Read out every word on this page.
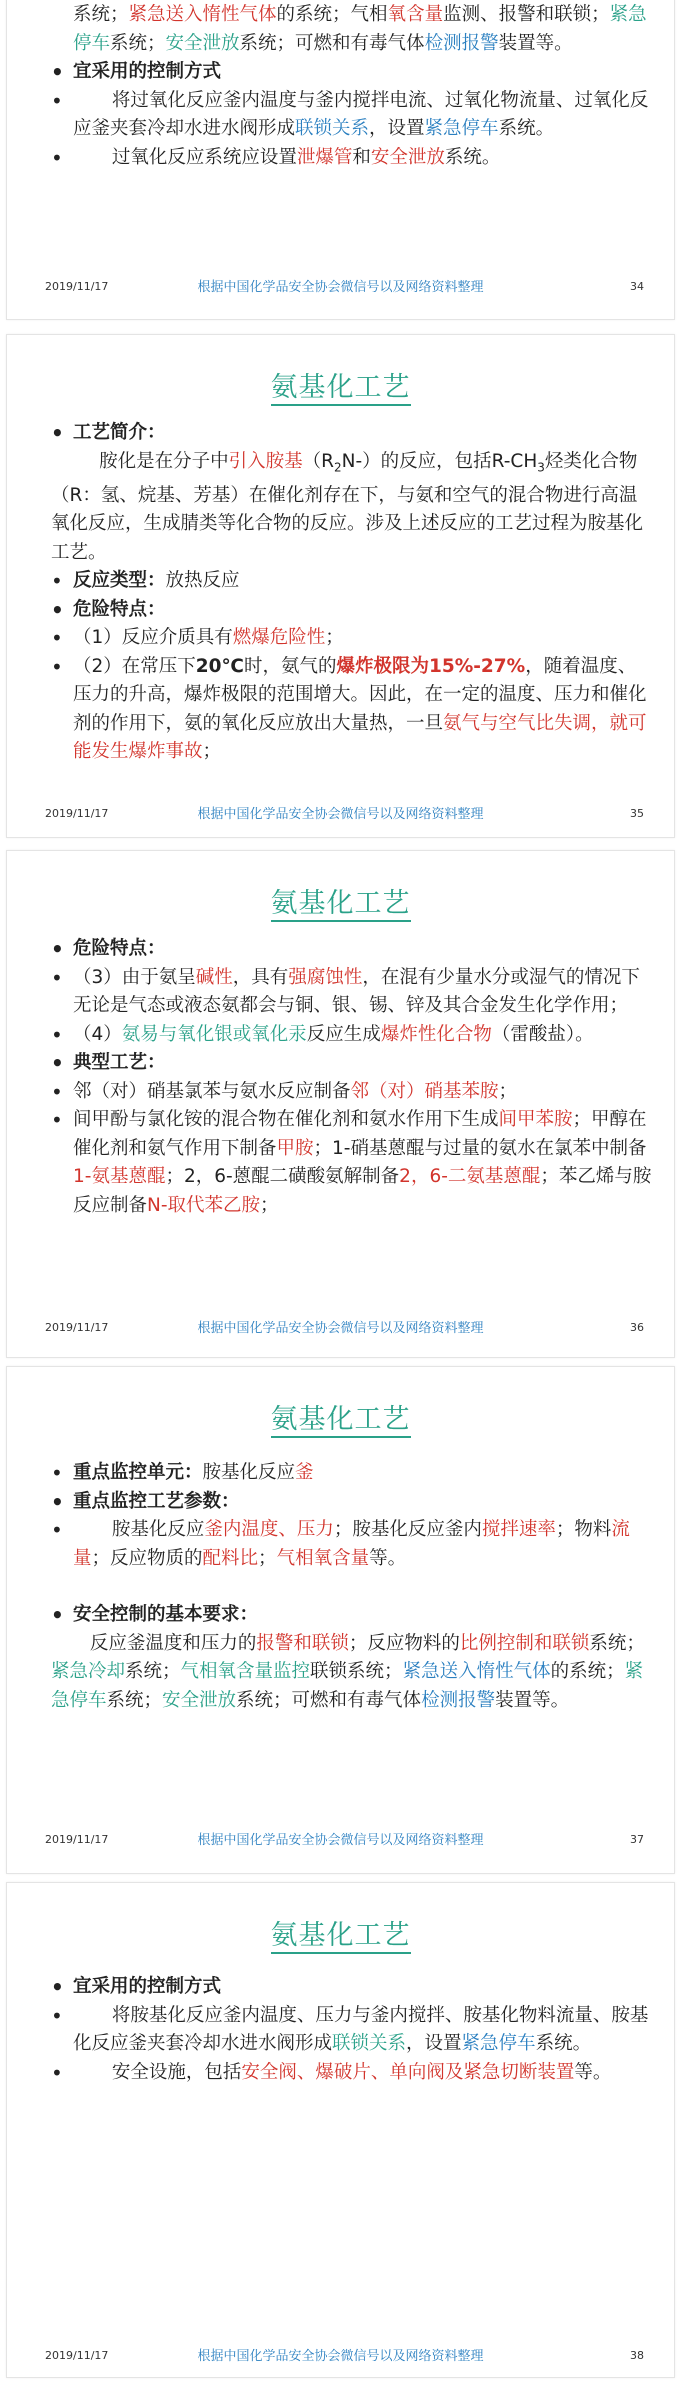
系统；紧急送入惰性气体的系统；气相氧含量监测、报警和联锁；紧急停车系统；安全泄放系统；可燃和有毒气体检测报警装置等。
• 宜采用的控制方式
•	将过氧化反应釜内温度与釜内搅拌电流、过氧化物流量、过氧化反应釜夹套冷却水进水阀形成联锁关系，设置紧急停车系统。
•	过氧化反应系统应设置泄爆管和安全泄放系统。
2019/11/17	根据中国化学品安全协会微信号以及网络资料整理	34
氨基化工艺
• 工艺简介：
胺化是在分子中引入胺基$(R_2N-)$的反应，包括$R-CH_3$烃类化合物（R：氢、烷基、芳基）在催化剂存在下，与氨和空气的混合物进行高温氧化反应，生成腈类等化合物的反应。涉及上述反应的工艺过程为胺基化工艺。
• 反应类型：放热反应
• 危险特点：
• （1）反应介质具有燃爆危险性；
• （2）在常压下20℃时，氨气的爆炸极限为15%-27%，随着温度、压力的升高，爆炸极限的范围增大。因此，在一定的温度、压力和催化剂的作用下，氨的氧化反应放出大量热，一旦氨气与空气比失调，就可能发生爆炸事故；
2019/11/17	根据中国化学品安全协会微信号以及网络资料整理	35
氨基化工艺
• 危险特点：
• （3）由于氨呈碱性，具有强腐蚀性，在混有少量水分或湿气的情况下无论是气态或液态氨都会与铜、银、锡、锌及其合金发生化学作用；
• （4）氨易与氧化银或氧化汞反应生成爆炸性化合物（雷酸盐）。
• 典型工艺：
• 邻（对）硝基氯苯与氨水反应制备邻（对）硝基苯胺；
• 间甲酚与氯化铵的混合物在催化剂和氨水作用下生成间甲苯胺；甲醇在催化剂和氨气作用下制备甲胺；1-硝基蒽醌与过量的氨水在氯苯中制备1-氨基蒽醌；2，6-蒽醌二磺酸氨解制备2，6-二氨基蒽醌；苯乙烯与胺反应制备N-取代苯乙胺；
2019/11/17	根据中国化学品安全协会微信号以及网络资料整理	36
氨基化工艺
• 重点监控单元：胺基化反应釜
• 重点监控工艺参数：
•	胺基化反应釜内温度、压力；胺基化反应釜内搅拌速率；物料流量；反应物质的配料比；气相氧含量等。
• 安全控制的基本要求：
反应釜温度和压力的报警和联锁；反应物料的比例控制和联锁系统；紧急冷却系统；气相氧含量监控联锁系统；紧急送入惰性气体的系统；紧急停车系统；安全泄放系统；可燃和有毒气体检测报警装置等。
2019/11/17	根据中国化学品安全协会微信号以及网络资料整理	37
氨基化工艺
• 宜采用的控制方式
•	将胺基化反应釜内温度、压力与釜内搅拌、胺基化物料流量、胺基化反应釜夹套冷却水进水阀形成联锁关系，设置紧急停车系统。
•	安全设施，包括安全阀、爆破片、单向阀及紧急切断装置等。
2019/11/17	根据中国化学品安全协会微信号以及网络资料整理	38
